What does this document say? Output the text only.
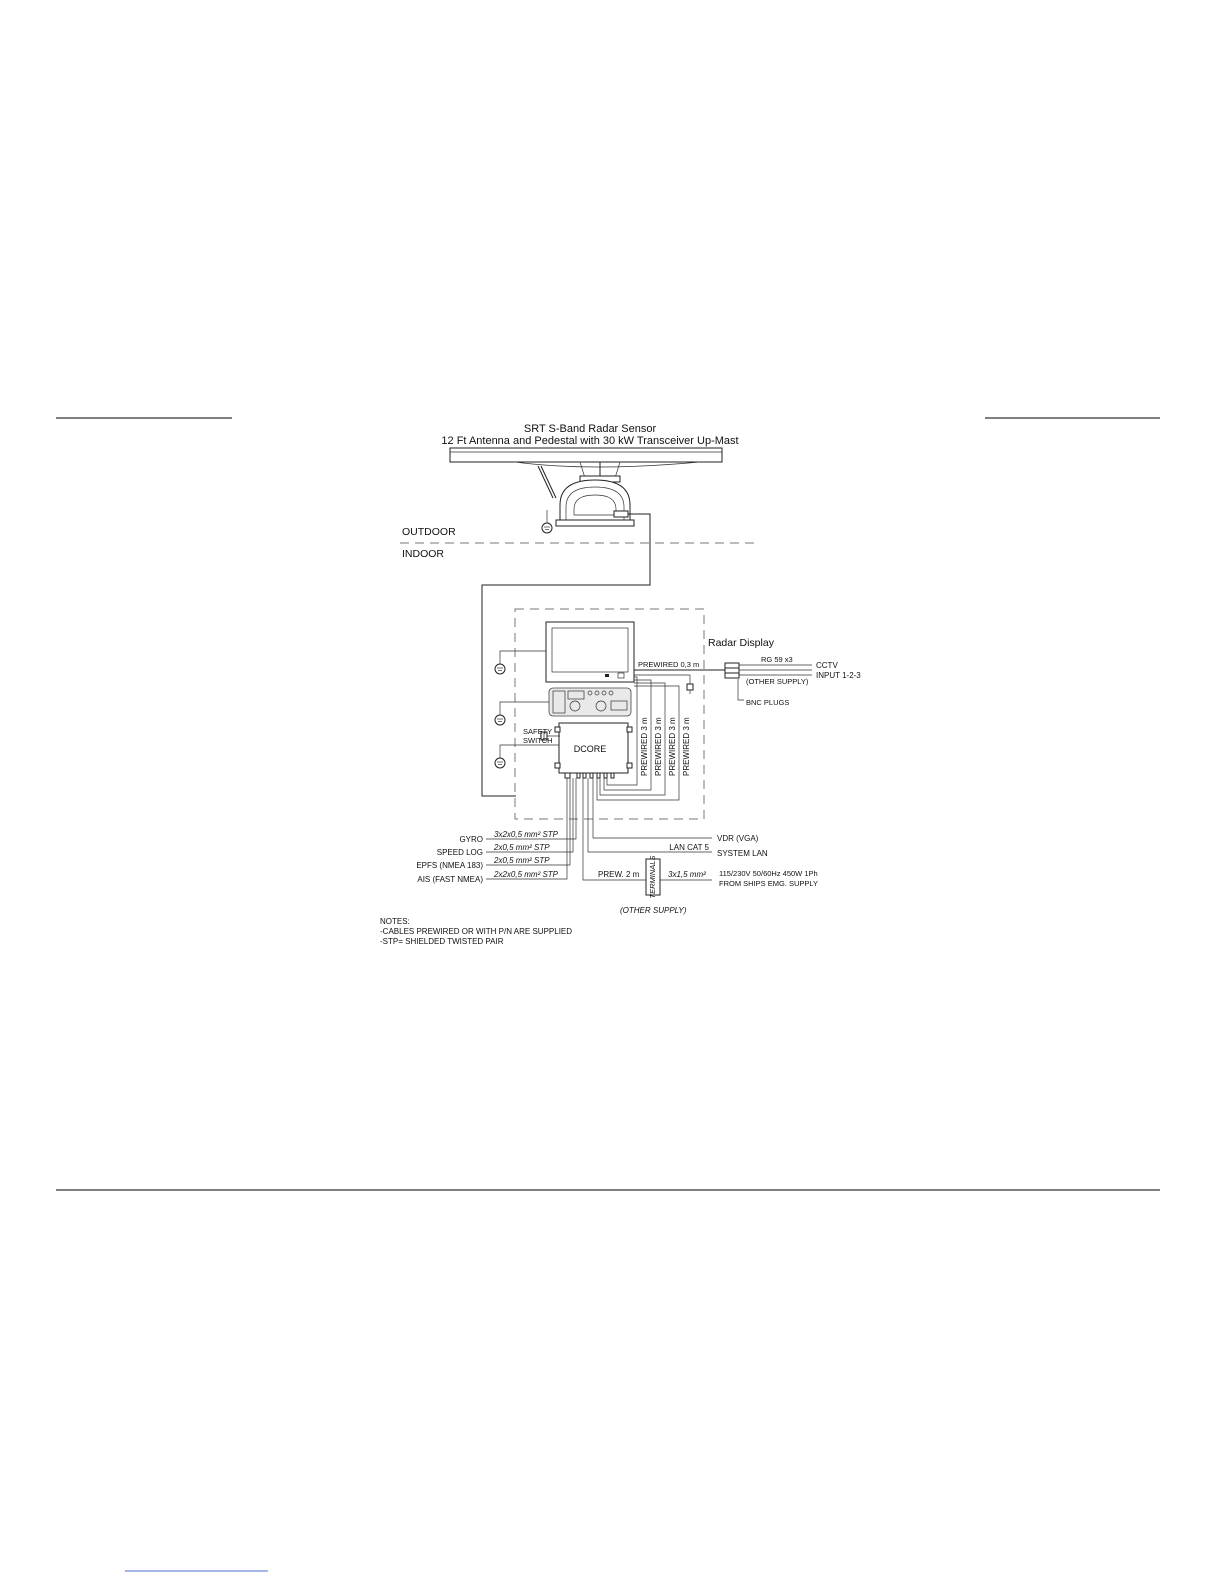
SRT S-Band Radar Sensor
12 Ft Antenna and Pedestal with 30 kW Transceiver Up-Mast
OUTDOOR
INDOOR
Radar Display
DCORE
SAFETY
SWITCH	PREWIRED 3 m PREWIRED 3 m PREWIRED 3 m PREWIRED 3 m
PREWIRED 0,3 m
RG 59 x3
CCTV
INPUT 1-2-3
(OTHER SUPPLY)
BNC PLUGS
GYRO
3x2x0,5 mm² STP
SPEED LOG
2x0,5 mm² STP
EPFS (NMEA 183)
2x0,5 mm² STP
AIS (FAST NMEA)
2x2x0,5 mm² STP
VDR (VGA)
LAN CAT 5
SYSTEM LAN
TERMINALS
PREW. 2 m	3x1,5 mm² 115/230V 50/60Hz 450W 1Ph
FROM SHIPS EMG. SUPPLY
(OTHER SUPPLY)
NOTES:
-CABLES PREWIRED OR WITH P/N ARE SUPPLIED
-STP= SHIELDED TWISTED PAIR
